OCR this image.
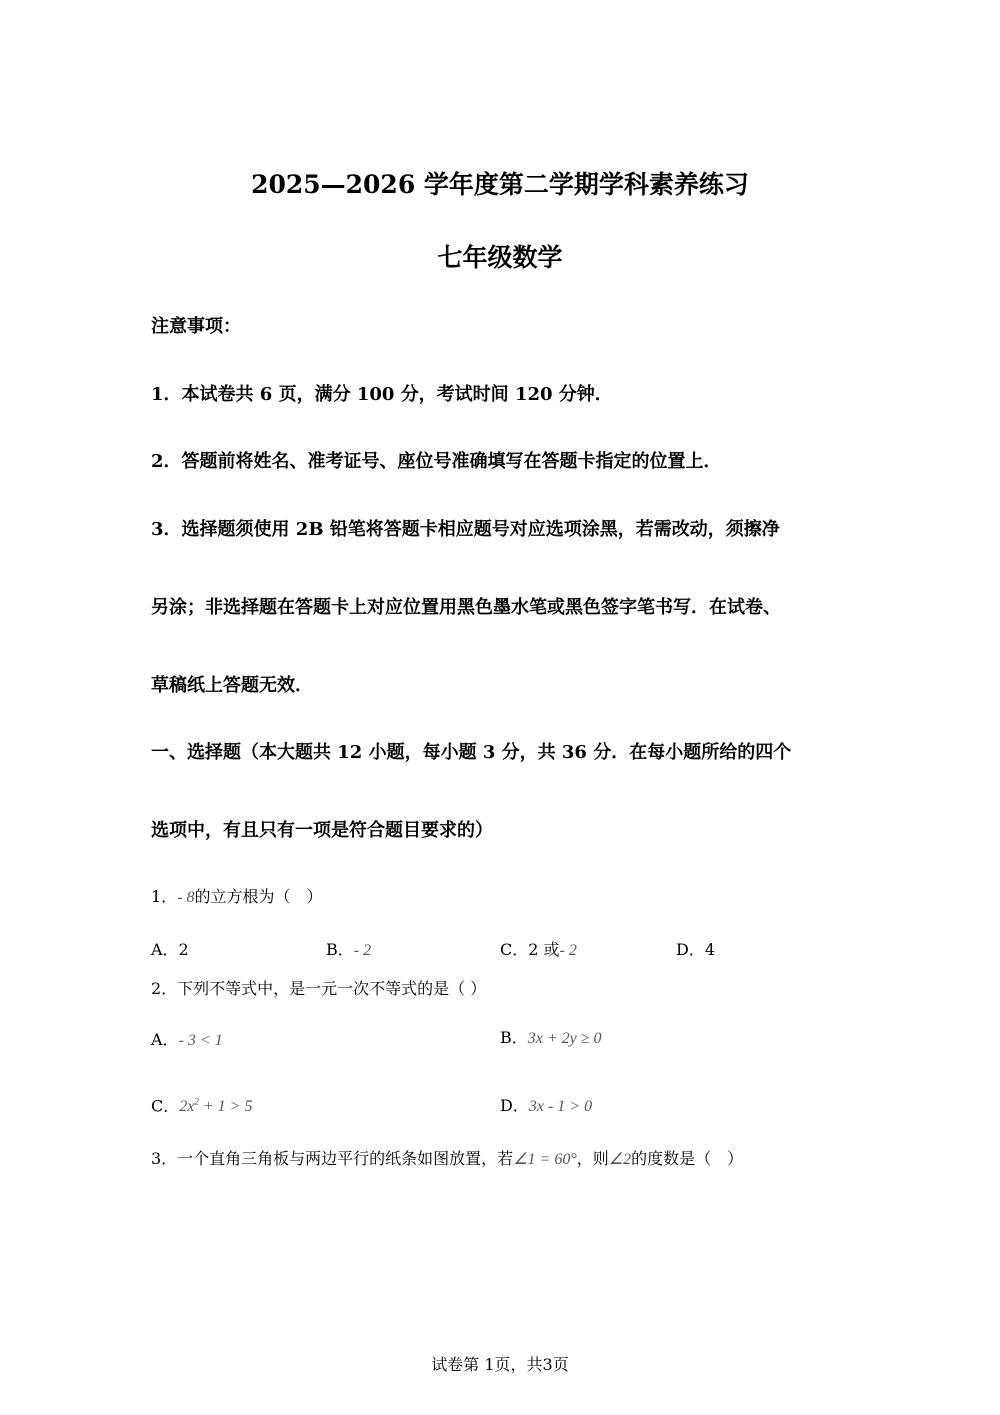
2025—2026 学年度第二学期学科素养练习
七年级数学
注意事项：
1．本试卷共 6 页，满分 100 分，考试时间 120 分钟．
2．答题前将姓名、准考证号、座位号准确填写在答题卡指定的位置上．
3．选择题须使用 2B 铅笔将答题卡相应题号对应选项涂黑，若需改动，须擦净
另涂；非选择题在答题卡上对应位置用黑色墨水笔或黑色签字笔书写．在试卷、
草稿纸上答题无效．
一、选择题（本大题共 12 小题，每小题 3 分，共 36 分．在每小题所给的四个
选项中，有且只有一项是符合题目要求的）
1．- 8的立方根为（　）
A．2	B．- 2	C．2 或- 2	D．4
2．下列不等式中，是一元一次不等式的是（ ）
A．- 3 < 1	B．3x + 2y ≥ 0
C．$2x^2 + 1 > 5$	D．3x - 1 > 0
3．一个直角三角板与两边平行的纸条如图放置，若∠1 = 60°，则∠2的度数是（　）
试卷第 1页，共3页
